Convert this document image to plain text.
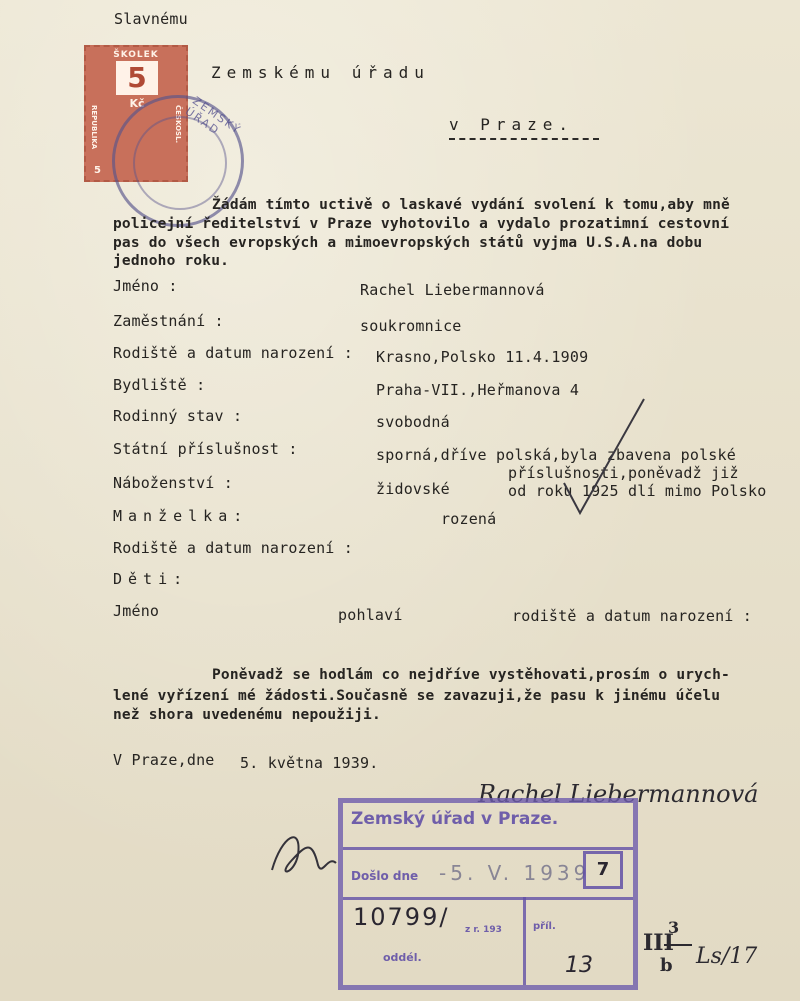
Slavnému
Zemskému úřadu
v Praze.
ŠKOLEK
5
Kč
REPUBLIKA	ČESKOSL.
5
ZEMSKÝ ÚŘAD
Žádám tímto uctivě o laskavé vydání svolení k tomu,aby mně
policejní ředitelství v Praze vyhotovilo a vydalo prozatimní cestovní
pas do všech evropských a mimoevropských států vyjma U.S.A.na dobu
jednoho roku.
Jméno :	Rachel Liebermannová
Zaměstnání :	soukromnice
Rodiště a datum narození : Krasno,Polsko 11.4.1909
Bydliště :	Praha-VII.,Heřmanova 4
Rodinný stav :	svobodná
Státní příslušnost :	sporná,dříve polská,byla zbavena polské
příslušnosti,poněvadž již
od roku 1925 dlí mimo Polsko
Náboženství :	židovské
Manželka:	rozená
Rodiště a datum narození :
Děti:
Jméno	pohlaví	rodiště a datum narození :
Poněvadž se hodlám co nejdříve vystěhovati,prosím o urych-
lené vyřízení mé žádosti.Současně se zavazuji,že pasu k jinému účelu
než shora uvedenému nepoužiji.
V Praze,dne 5. května 1939.
Rachel Liebermannová
Zemský úřad v Praze.
Došlo dne -5. V. 1939 7
10799/ z r. 193	příl.
oddél.	13
III
b
3
Ls/17
